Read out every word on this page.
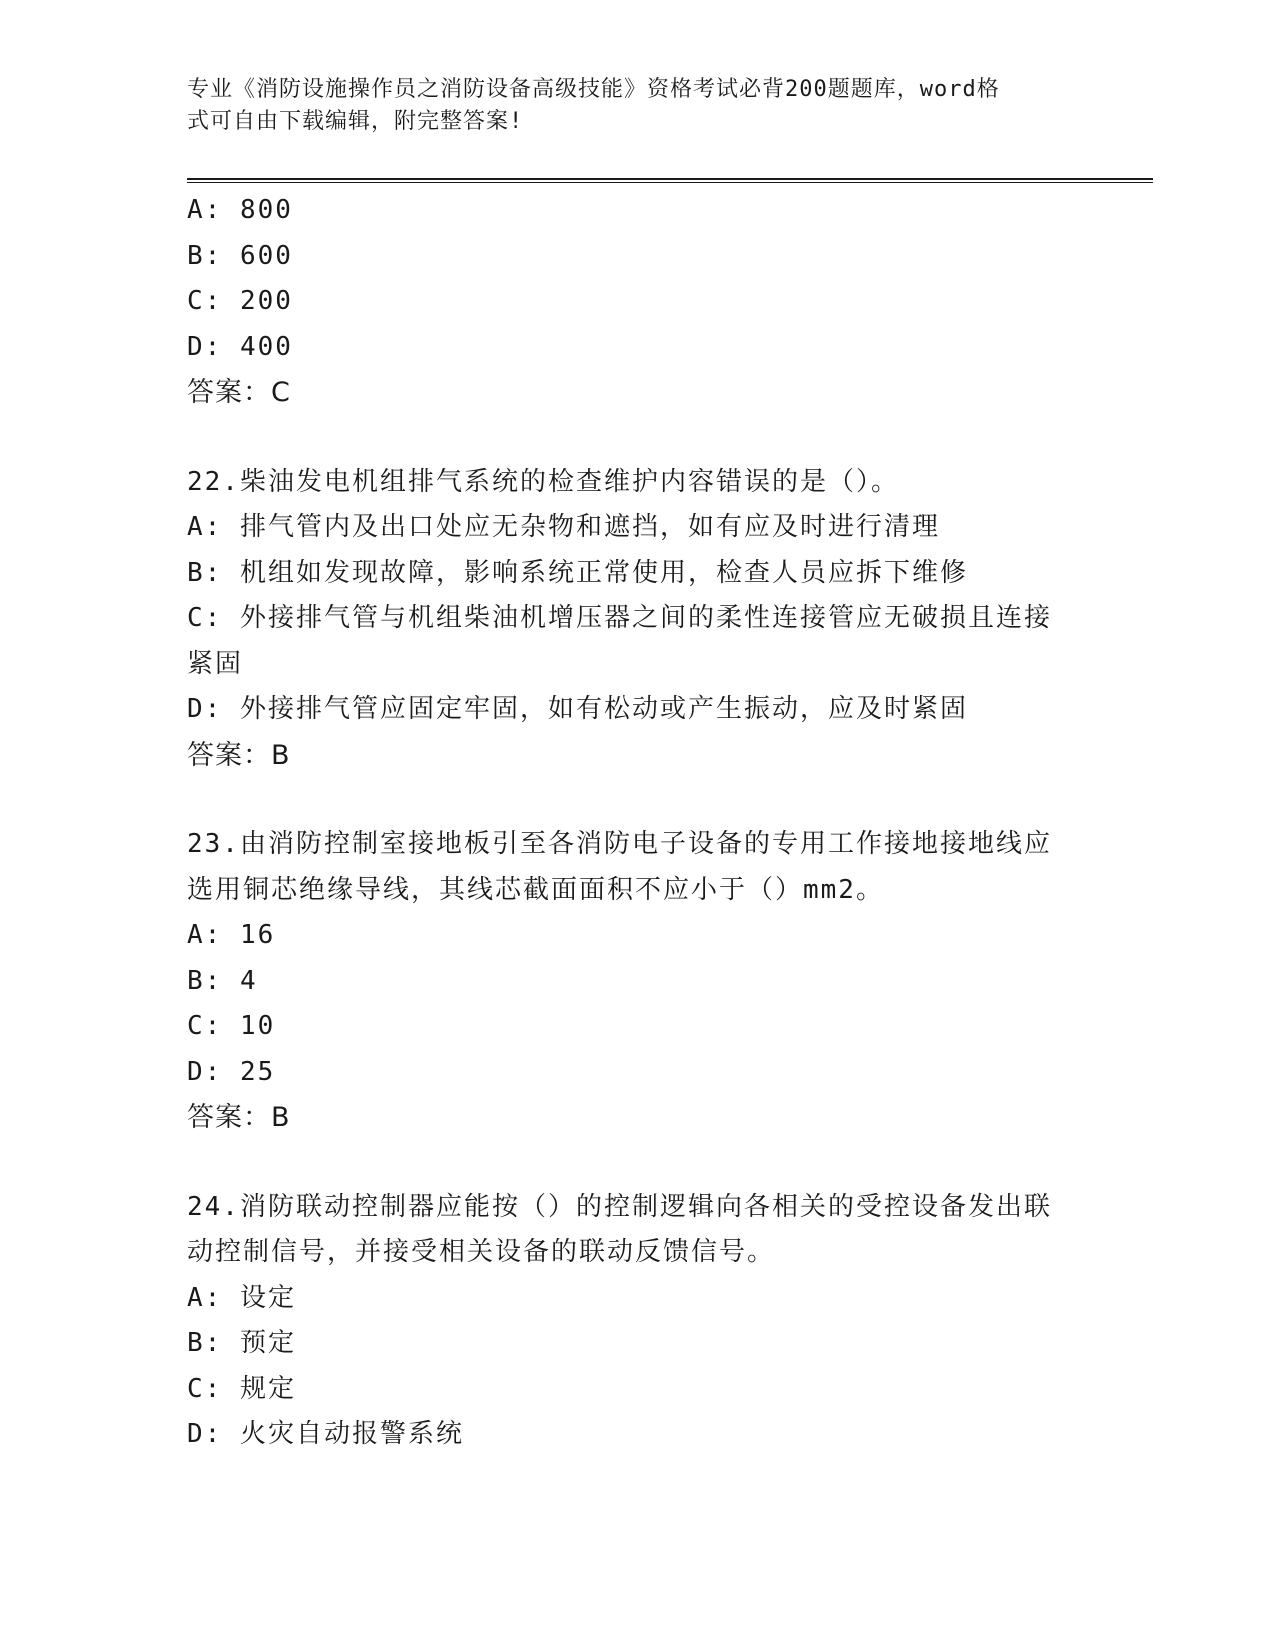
专业《消防设施操作员之消防设备高级技能》资格考试必背200题题库，word格
式可自由下载编辑，附完整答案!
A: 800
B: 600
C: 200
D: 400
答案：C
22.柴油发电机组排气系统的检查维护内容错误的是（）。
A: 排气管内及出口处应无杂物和遮挡，如有应及时进行清理
B: 机组如发现故障，影响系统正常使用，检查人员应拆下维修
C: 外接排气管与机组柴油机增压器之间的柔性连接管应无破损且连接
紧固
D: 外接排气管应固定牢固，如有松动或产生振动，应及时紧固
答案：B
23.由消防控制室接地板引至各消防电子设备的专用工作接地接地线应
选用铜芯绝缘导线，其线芯截面面积不应小于（）mm2。
A: 16
B: 4
C: 10
D: 25
答案：B
24.消防联动控制器应能按（）的控制逻辑向各相关的受控设备发出联
动控制信号，并接受相关设备的联动反馈信号。
A: 设定
B: 预定
C: 规定
D: 火灾自动报警系统
